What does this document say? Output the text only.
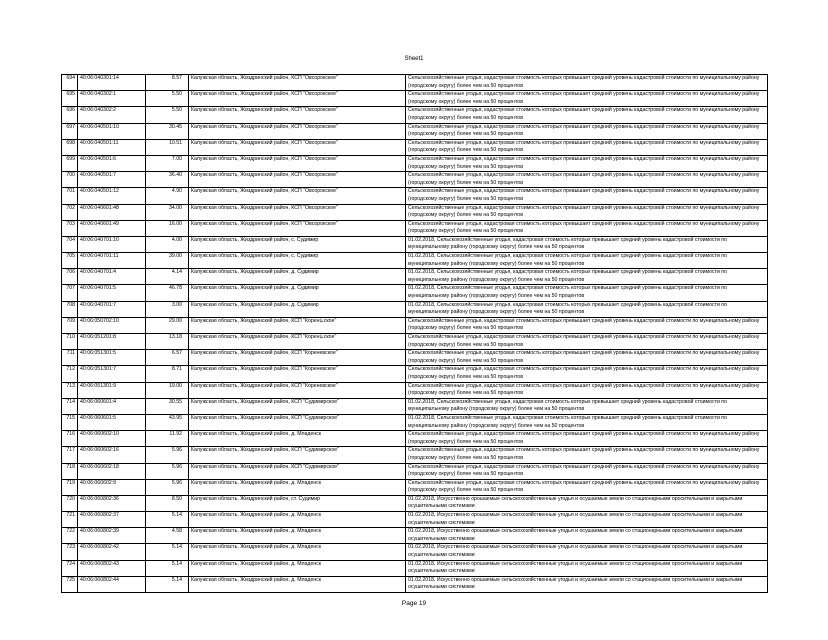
Sheet1
694	40:06:040301:14	8.57	Калужская область, Жиздринский район, КСП "Овсорокское"	Сельскохозяйственные угодья, кадастровая стоимость которых превышает средний уровень кадастровой стоимости по муниципальному району (городскому округу) более чем на 50 процентов
695	40:06:040302:1	5.50	Калужская область, Жиздринский район, КСП "Овсорокское"	Сельскохозяйственные угодья, кадастровая стоимость которых превышает средний уровень кадастровой стоимости по муниципальному району (городскому округу) более чем на 50 процентов
696	40:06:040302:2	5.50	Калужская область, Жиздринский район, КСП "Овсорокское"	Сельскохозяйственные угодья, кадастровая стоимость которых превышает средний уровень кадастровой стоимости по муниципальному району (городскому округу) более чем на 50 процентов
697	40:06:040501:10	30.45	Калужская область, Жиздринский район, КСП "Овсорокское"	Сельскохозяйственные угодья, кадастровая стоимость которых превышает средний уровень кадастровой стоимости по муниципальному району (городскому округу) более чем на 50 процентов
698	40:06:040501:11	10.51	Калужская область, Жиздринский район, КСП "Овсорокское"	Сельскохозяйственные угодья, кадастровая стоимость которых превышает средний уровень кадастровой стоимости по муниципальному району (городскому округу) более чем на 50 процентов
699	40:06:040501:6	7.00	Калужская область, Жиздринский район, КСП "Овсорокское"	Сельскохозяйственные угодья, кадастровая стоимость которых превышает средний уровень кадастровой стоимости по муниципальному району (городскому округу) более чем на 50 процентов
700	40:06:040501:7	36.40	Калужская область, Жиздринский район, КСП "Овсорокское"	Сельскохозяйственные угодья, кадастровая стоимость которых превышает средний уровень кадастровой стоимости по муниципальному району (городскому округу) более чем на 50 процентов
701	40:06:040501:12	4.90	Калужская область, Жиздринский район, КСП "Овсорокское"	Сельскохозяйственные угодья, кадастровая стоимость которых превышает средний уровень кадастровой стоимости по муниципальному району (городскому округу) более чем на 50 процентов
702	40:06:040601:48	34.00	Калужская область, Жиздринский район, КСП "Овсорокское"	Сельскохозяйственные угодья, кадастровая стоимость которых превышает средний уровень кадастровой стоимости по муниципальному району (городскому округу) более чем на 50 процентов
703	40:06:040601:49	16.00	Калужская область, Жиздринский район, КСП "Овсорокское"	Сельскохозяйственные угодья, кадастровая стоимость которых превышает средний уровень кадастровой стоимости по муниципальному району (городскому округу) более чем на 50 процентов
704	40:06:040701:10	4.00	Калужская область, Жиздринский район, с. Судимир	01.02.2018, Сельскохозяйственные угодья, кадастровая стоимость которых превышает средний уровень кадастровой стоимости по муниципальному району (городскому округу) более чем на 50 процентов
705	40:06:040701:11	39.00	Калужская область, Жиздринский район, с. Судимир	01.02.2018, Сельскохозяйственные угодья, кадастровая стоимость которых превышает средний уровень кадастровой стоимости по муниципальному району (городскому округу) более чем на 50 процентов
706	40:06:040701:4	4.14	Калужская область, Жиздринский район, д. Судимир	01.02.2018, Сельскохозяйственные угодья, кадастровая стоимость которых превышает средний уровень кадастровой стоимости по муниципальному району (городскому округу) более чем на 50 процентов
707	40:06:040701:5	46.78	Калужская область, Жиздринский район, д. Судимир	01.02.2018, Сельскохозяйственные угодья, кадастровая стоимость которых превышает средний уровень кадастровой стоимости по муниципальному району (городскому округу) более чем на 50 процентов
708	40:06:040701:7	3.00	Калужская область, Жиздринский район, д. Судимир	01.02.2018, Сельскохозяйственные угодья, кадастровая стоимость которых превышает средний уровень кадастровой стоимости по муниципальному району (городскому округу) более чем на 50 процентов
709	40:06:050702:10	29.00	Калужская область, Жиздринский район, КСП "Коренևское"	Сельскохозяйственные угодья, кадастровая стоимость которых превышает средний уровень кадастровой стоимости по муниципальному району (городскому округу) более чем на 50 процентов
710	40:06:051201:8	13.18	Калужская область, Жиздринский район, КСП "Коренևское"	Сельскохозяйственные угодья, кадастровая стоимость которых превышает средний уровень кадастровой стоимости по муниципальному району (городскому округу) более чем на 50 процентов
711	40:06:051301:5	6.57	Калужская область, Жиздринский район, КСП "Кореневское"	Сельскохозяйственные угодья, кадастровая стоимость которых превышает средний уровень кадастровой стоимости по муниципальному району (городскому округу) более чем на 50 процентов
712	40:06:051301:7	8.71	Калужская область, Жиздринский район, КСП "Кореневское"	Сельскохозяйственные угодья, кадастровая стоимость которых превышает средний уровень кадастровой стоимости по муниципальному району (городскому округу) более чем на 50 процентов
713	40:06:051301:9	19.00	Калужская область, Жиздринский район, КСП "Кореневское"	Сельскохозяйственные угодья, кадастровая стоимость которых превышает средний уровень кадастровой стоимости по муниципальному району (городскому округу) более чем на 50 процентов
714	40:06:060601:4	30.55	Калужская область, Жиздринский район, КСП "Судимирское"	01.02.2018, Сельскохозяйственные угодья, кадастровая стоимость которых превышает средний уровень кадастровой стоимости по муниципальному району (городскому округу) более чем на 50 процентов
715	40:06:060601:5	43.95	Калужская область, Жиздринский район, КСП "Судимирское"	01.02.2018, Сельскохозяйственные угодья, кадастровая стоимость которых превышает средний уровень кадастровой стоимости по муниципальному району (городскому округу) более чем на 50 процентов
716	40:06:060602:10	11.92	Калужская область, Жиздринский район, д. Младенск	Сельскохозяйственные угодья, кадастровая стоимость которых превышает средний уровень кадастровой стоимости по муниципальному району (городскому округу) более чем на 50 процентов
717	40:06:060602:16	5.96	Калужская область, Жиздринский район, КСП "Судимирское"	Сельскохозяйственные угодья, кадастровая стоимость которых превышает средний уровень кадастровой стоимости по муниципальному району (городскому округу) более чем на 50 процентов
718	40:06:060602:18	5.96	Калужская область, Жиздринский район, КСП "Судимирское"	Сельскохозяйственные угодья, кадастровая стоимость которых превышает средний уровень кадастровой стоимости по муниципальному району (городскому округу) более чем на 50 процентов
719	40:06:060602:9	5.96	Калужская область, Жиздринский район, д. Младенск	Сельскохозяйственные угодья, кадастровая стоимость которых превышает средний уровень кадастровой стоимости по муниципальному району (городскому округу) более чем на 50 процентов
720	40:06:060802:36	8.50	Калужская область, Жиздринский район, ст. Судимир	01.02.2018, Искусственно орошаемые сельскохозяйственные угодья и осушаемые земли со стационарными оросительными и закрытыми осушительными системами
721	40:06:060802:37	5.14	Калужская область, Жиздринский район, д. Младенск	01.02.2018, Искусственно орошаемые сельскохозяйственные угодья и осушаемые земли со стационарными оросительными и закрытыми осушительными системами
722	40:06:060802:39	4.58	Калужская область, Жиздринский район, д. Младенск	01.02.2018, Искусственно орошаемые сельскохозяйственные угодья и осушаемые земли со стационарными оросительными и закрытыми осушительными системами
723	40:06:060802:42	5.14	Калужская область, Жиздринский район, д. Младенск	01.02.2018, Искусственно орошаемые сельскохозяйственные угодья и осушаемые земли со стационарными оросительными и закрытыми осушительными системами
724	40:06:060802:43	5.14	Калужская область, Жиздринский район, д. Младенск	01.02.2018, Искусственно орошаемые сельскохозяйственные угодья и осушаемые земли со стационарными оросительными и закрытыми осушительными системами
725	40:06:060802:44	5.14	Калужская область, Жиздринский район, д. Младенск	01.02.2018, Искусственно орошаемые сельскохозяйственные угодья и осушаемые земли со стационарными оросительными и закрытыми осушительными системами
Page 19
